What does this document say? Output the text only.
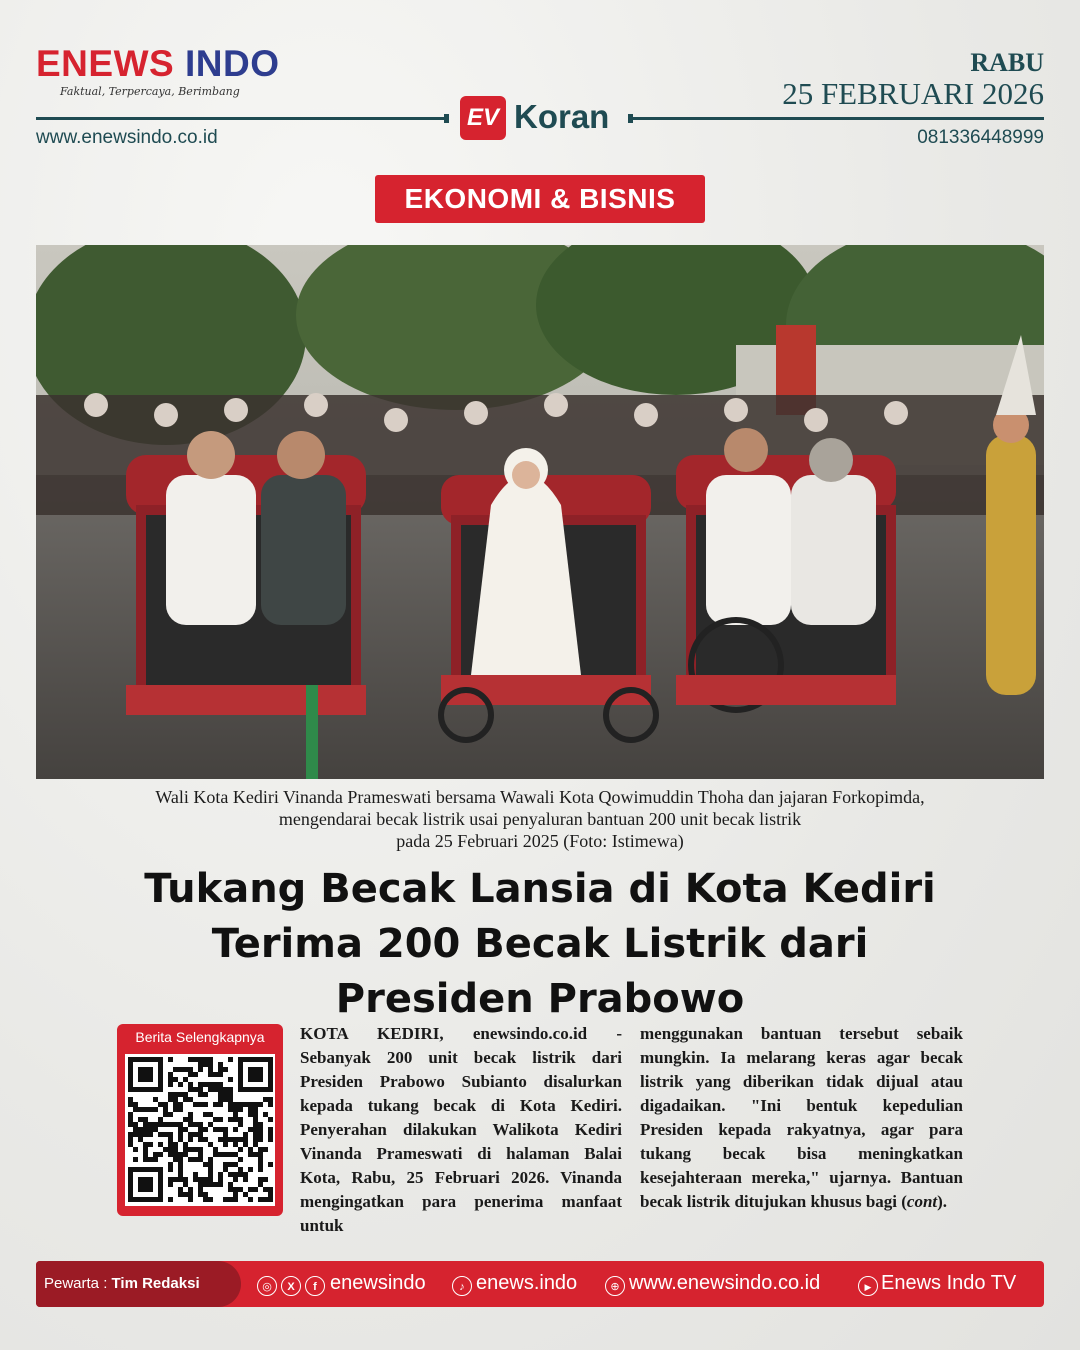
ENEWS INDO
Faktual, Terpercaya, Berimbang
RABU
25 FEBRUARI 2026
EV Koran
www.enewsindo.co.id	081336448999
EKONOMI & BISNIS
Wali Kota Kediri Vinanda Prameswati bersama Wawali Kota Qowimuddin Thoha dan jajaran Forkopimda,
mengendarai becak listrik usai penyaluran bantuan 200 unit becak listrik
pada 25 Februari 2025 (Foto: Istimewa)
Tukang Becak Lansia di Kota Kediri
Terima 200 Becak Listrik dari
Presiden Prabowo
Berita Selengkapnya	KOTA KEDIRI, enewsindo.co.id - Sebanyak 200 unit becak listrik dari Presiden Prabowo Subianto disalurkan kepada tukang becak di Kota Kediri. Penyerahan dilakukan Walikota Kediri Vinanda Prameswati di halaman Balai Kota, Rabu, 25 Februari 2026. Vinanda mengingatkan para penerima manfaat untuk
menggunakan bantuan tersebut sebaik mungkin. Ia melarang keras agar becak listrik yang diberikan tidak dijual atau digadaikan. "Ini bentuk kepedulian Presiden kepada rakyatnya, agar para tukang becak bisa meningkatkan kesejahteraan mereka," ujarnya. Bantuan becak listrik ditujukan khusus bagi (cont).
Pewarta : Tim Redaksi	◎	X	f enewsindo	♪ enews.indo	⊕ www.enewsindo.co.id	▶ Enews Indo TV
